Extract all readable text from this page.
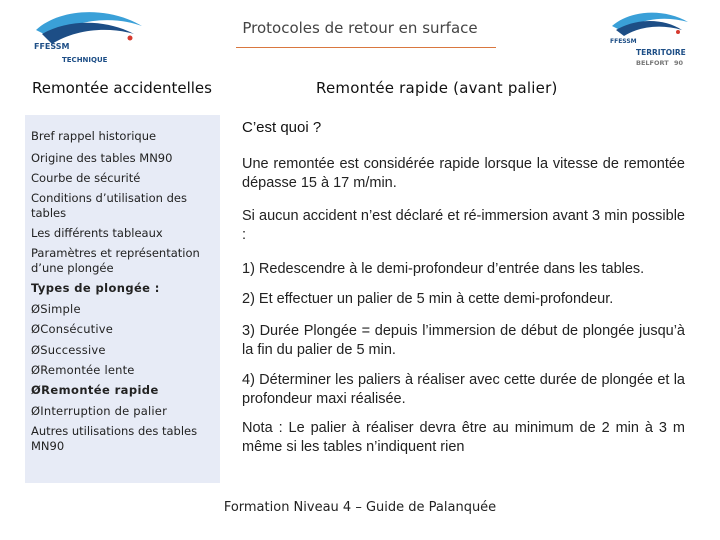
FFESSM
TECHNIQUE
FFESSM
TERRITOIRE
BELFORT 90
Protocoles de retour en surface
Remontée accidentelles	Remontée rapide (avant palier)
Bref rappel historique
Origine des tables MN90
Courbe de sécurité
Conditions d’utilisation des tables
Les différents tableaux
Paramètres et représentation d’une plongée
Types de plongée :
ØSimple
ØConsécutive
ØSuccessive
ØRemontée lente
ØRemontée rapide
ØInterruption de palier
Autres utilisations des tables MN90
C’est quoi ?
Une remontée est considérée rapide lorsque la vitesse de remontée dépasse 15 à 17 m/min.
Si aucun accident n’est déclaré et ré-immersion avant 3 min possible :
1) Redescendre à le demi-profondeur d’entrée dans les tables.
2) Et effectuer un palier de 5 min à cette demi-profondeur.
3) Durée Plongée = depuis l’immersion de début de plongée jusqu’à la fin du palier de 5 min.
4) Déterminer les paliers à réaliser avec cette durée de plongée et la profondeur maxi réalisée.
Nota : Le palier à réaliser devra être au minimum de 2 min à 3 m même si les tables n’indiquent rien
Formation Niveau 4 – Guide de Palanquée
